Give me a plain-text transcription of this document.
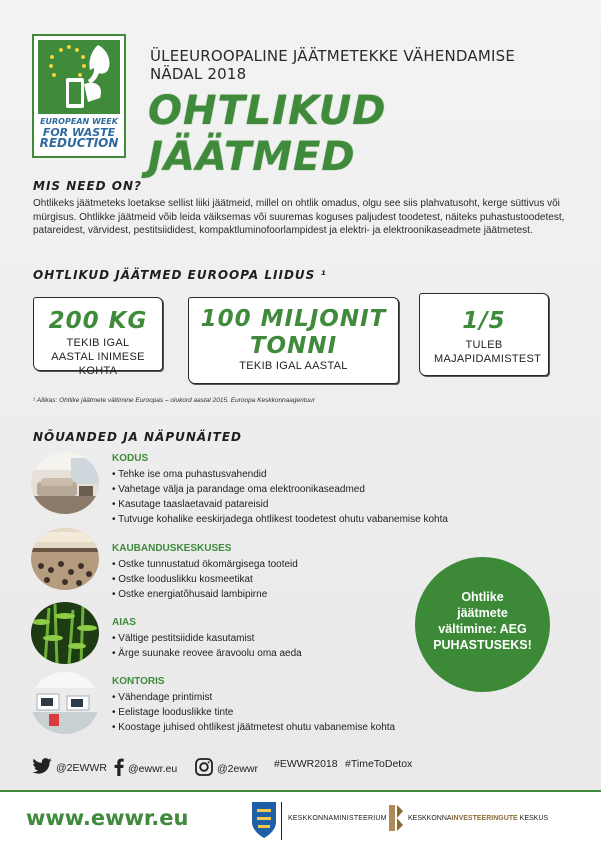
EUROPEAN WEEK
FOR WASTE
REDUCTION
ÜLEEUROOPALINE JÄÄTMETEKKE VÄHENDAMISE NÄDAL 2018
OHTLIKUD JÄÄTMED
MIS NEED ON?
Ohtlikeks jäätmeteks loetakse sellist liiki jäätmeid, millel on ohtlik omadus, olgu see siis plahvatusoht, kerge süttivus või mürgisus. Ohtlikke jäätmeid võib leida väiksemas või suuremas koguses paljudest toodetest, näiteks puhastustoodetest, patareidest, värvidest, pestitsiididest, kompaktluminofoorlampidest ja elektri- ja elektroonikaseadmete jäätmetest.
OHTLIKUD JÄÄTMED EUROOPA LIIDUS ¹
200 KG
TEKIB IGAL AASTAL INIMESE KOHTA
100 MILJONIT
TONNI
TEKIB IGAL AASTAL
1/5
TULEB MAJAPIDAMISTEST
¹ Allikas: Ohtlike jäätmete vältimine Euroopas – olukord aastal 2015. Euroopa Keskkonnaagentuur
NÕUANDED JA NÄPUNÄITED
KODUS
• Tehke ise oma puhastusvahendid
• Vahetage välja ja parandage oma elektroonikaseadmed
• Kasutage taaslaetavaid patareisid
• Tutvuge kohalike eeskirjadega ohtlikest toodetest ohutu vabanemise kohta
KAUBANDUSKESKUSES
• Ostke tunnustatud ökomärgisega tooteid
• Ostke looduslikku kosmeetikat
• Ostke energiatõhusaid lambipirne
AIAS
• Vältige pestitsiidide kasutamist
• Ärge suunake reovee äravoolu oma aeda
KONTORIS
• Vähendage printimist
• Eelistage looduslikke tinte
• Koostage juhised ohtlikest jäätmetest ohutu vabanemise kohta
Ohtlike
jäätmete
vältimine: AEG
PUHASTUSEKS!
@2EWWR @ewwr.eu	@2ewwr #EWWR2018 #TimeToDetox
www.ewwr.eu	KESKKONNAMINISTEERIUM	KESKKONNAINVESTEERINGUTE KESKUS
